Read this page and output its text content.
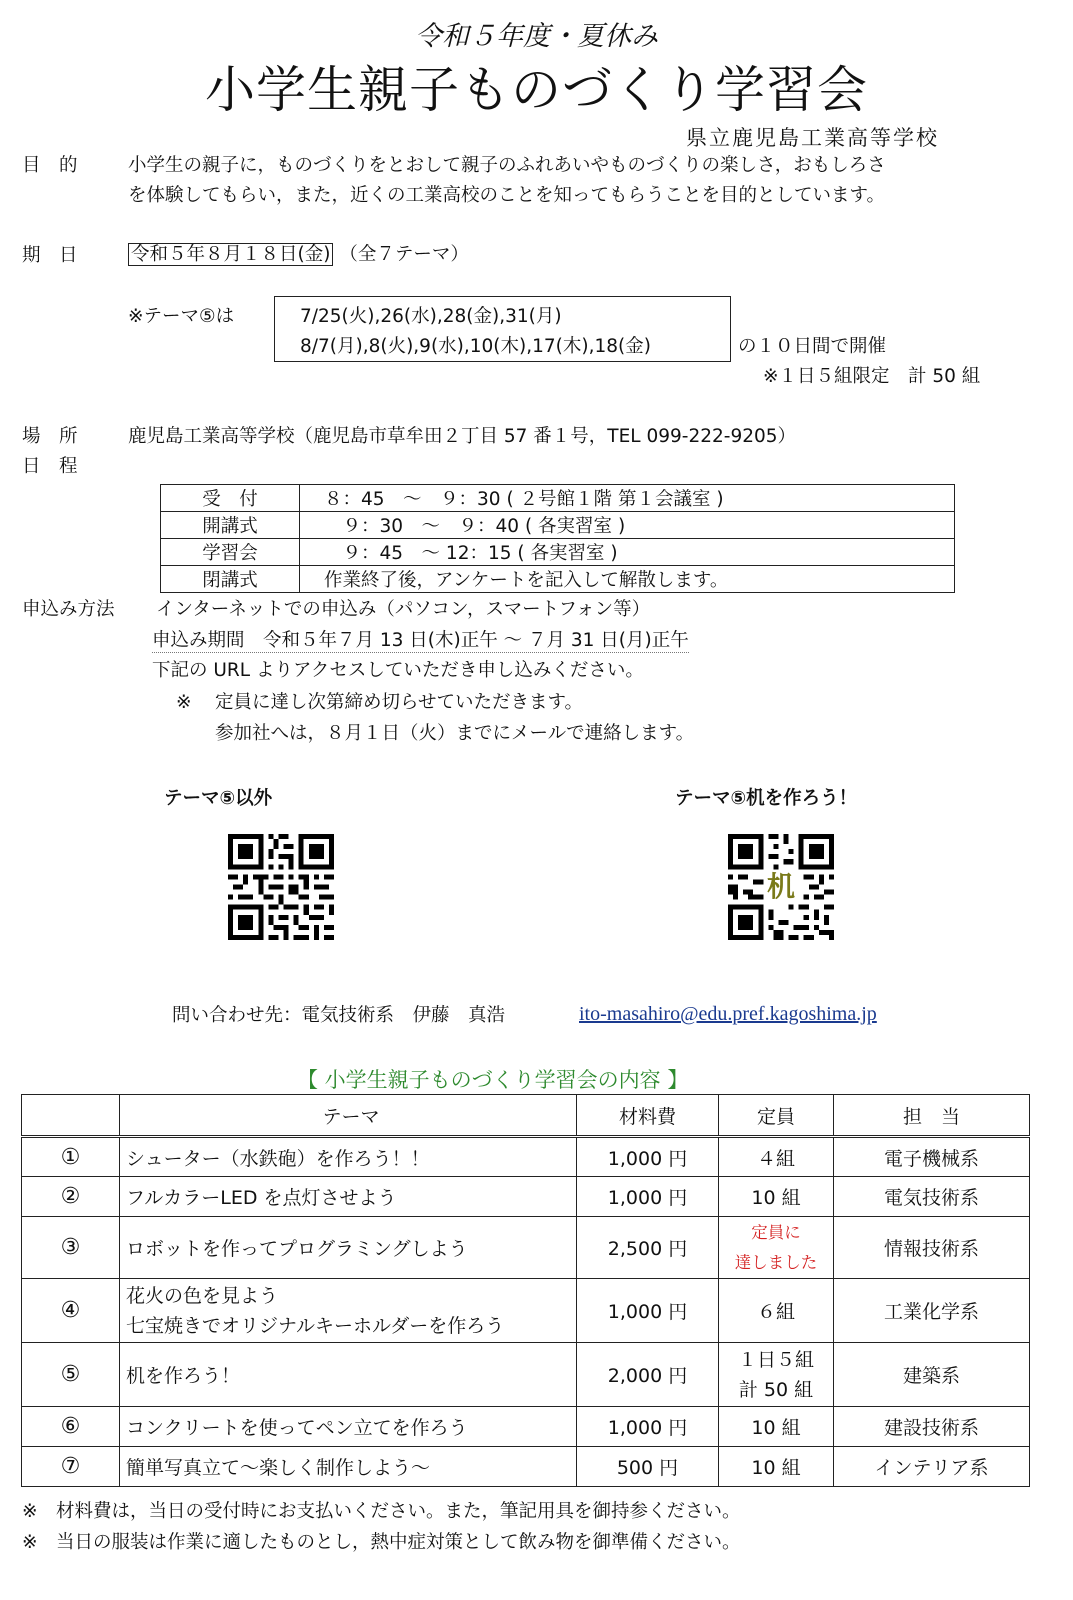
令和５年度・夏休み
小学生親子ものづくり学習会
県立鹿児島工業高等学校
目　的	小学生の親子に，ものづくりをとおして親子のふれあいやものづくりの楽しさ，おもしろさ
を体験してもらい，また，近くの工業高校のことを知ってもらうことを目的としています。
期　日	令和５年８月１８日(金) （全７テーマ）
※テーマ⑤は	7/25(火),26(水),28(金),31(月)
8/7(月),8(火),9(水),10(木),17(木),18(金)	の１０日間で開催
※１日５組限定　計 50 組
場　所	鹿児島工業高等学校（鹿児島市草牟田２丁目 57 番１号，TEL 099-222-9205）
日　程
受　付	８：45　～　９：30 ( ２号館１階 第１会議室 )
開講式	　９：30　～　９：40 ( 各実習室 )
学習会	　９：45　～ 12：15 ( 各実習室 )
閉講式	作業終了後，アンケートを記入して解散します。
申込み方法 インターネットでの申込み（パソコン，スマートフォン等）
申込み期間　令和５年７月 13 日(木)正午 ～ ７月 31 日(月)正午
下記の URL よりアクセスしていただき申し込みください。
※ 定員に達し次第締め切らせていただきます。
参加社へは，８月１日（火）までにメールで連絡します。
テーマ⑤以外	テーマ⑤机を作ろう！
机
問い合わせ先：電気技術系　伊藤　真浩	ito-masahiro@edu.pref.kagoshima.jp
【 小学生親子ものづくり学習会の内容 】
	テーマ	材料費	定員	担　当
①	シューター（水鉄砲）を作ろう！！	1,000 円	４組	電子機械系
②	フルカラーLED を点灯させよう	1,000 円	10 組	電気技術系
③	ロボットを作ってプログラミングしよう	2,500 円	定員に
達しました	情報技術系
④	花火の色を見よう
七宝焼きでオリジナルキーホルダーを作ろう	1,000 円	６組	工業化学系
⑤	机を作ろう！	2,000 円	１日５組
計 50 組	建築系
⑥	コンクリートを使ってペン立てを作ろう	1,000 円	10 組	建設技術系
⑦	簡単写真立て～楽しく制作しよう～	500 円	10 組	インテリア系
※　材料費は，当日の受付時にお支払いください。また，筆記用具を御持参ください。
※　当日の服装は作業に適したものとし，熱中症対策として飲み物を御準備ください。
